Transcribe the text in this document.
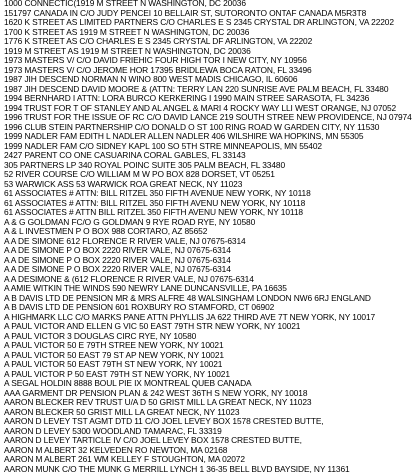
1000 CONNECTIC(1919 M STREET N WASHINGTON, DC 20036
151797 CANADA IN C/O JUDY PENCEI 10 BELLAIR ST, SUTORONTO ONTAF CANADA M5R3T8
1620 K STREET AS LIMITED PARTNERS C/O CHARLES E S 2345 CRYSTAL DR ARLINGTON, VA 22202
1700 K STREET AS 1919 M STREET N WASHINGTON, DC 20036
1776 K STREET AS C/O CHARLES E S 2345 CRYSTAL DF ARLINGTON, VA 22202
1919 M STREET AS 1919 M STREET N WASHINGTON, DC 20036
1973 MASTERS V/ C/O DAVID FRIEHIC FOUR HIGH TOR I NEW CITY, NY 10956
1973 MASTERS V/ C/O JEROME HOR 17395 BRIDLEWA BOCA RATON, FL 33496
1987 JIH DESCEND NORMAN N WINO 800 WEST MADIS CHICAGO, IL 60606
1987 JIH DESCEND DAVID MOORE & (ATTN: TERRY LAN 220 SUNRISE AVE PALM BEACH, FL 33480
1994 BERNHARD I ATTN: LORA BURCO KERKERING I 1990 MAIN STREE SARASOTA, FL 34236
1994 TRUST FOR T OF STANLEY AND AL ANGEL & MARI 4 ROCKY WAY LLI WEST ORANGE, NJ 07052
1996 TRUST FOR THE ISSUE OF RC C/O DAVID LANCE 219 SOUTH STREE NEW PROVIDENCE, NJ 07974
1996 CLUB STEIN PARTNERSHIP C/O DONALD O ST 100 RING ROAD W GARDEN CITY, NY 11530
1999 NADLER FAM EDITH L NADLER ALLEN NADLER 406 WILSHIRE WA HOPKINS, MN 55305
1999 NADLER FAM C/O SIDNEY KAPL 100 SO 5TH STRE MINNEAPOLIS, MN 55402
2427 PARENT CO ONE CASUARINA CORAL GABLES, FL 33143
305 PARTNERS LP 340 ROYAL POINC SUITE 305 PALM BEACH, FL 33480
52 RIVER COURSE C/O WILLIAM M W PO BOX 828 DORSET, VT 05251
53 WARWICK ASS 53 WARWICK ROA GREAT NECK, NY 11023
61 ASSOCIATES # ATTN: BILL RITZEL 350 FIFTH AVENUE NEW YORK, NY 10118
61 ASSOCIATES # ATTN: BILL RITZEL 350 FIFTH AVENU NEW YORK, NY 10118
61 ASSOCIATES # ATTN BILL RITZEL 350 FIFTH AVENU NEW YORK, NY 10118
A & G GOLDMAN FC/O G GOLDMAN 9 RYE ROAD RYE, NY 10580
A & L INVESTMEN P O BOX 988 CORTARO, AZ 85652
A A DE SIMONE 612 FLORENCE R RIVER VALE, NJ 07675-6314
A A DE SIMONE P O BOX 2220 RIVER VALE, NJ 07675-6314
A A DE SIMONE P O BOX 2220 RIVER VALE, NJ 07675-6314
A A DE SIMONE P O BOX 2220 RIVER VALE, NJ 07675-6314
A A DESIMONE & (612 FLORENCE R RIVER VALE, NJ 07675-6314
A AMIE WITKIN THE WINDS 590 NEWRY LANE DUNCANSVILLE, PA 16635
A B DAVIS LTD DE PENSION MR & MRS ALFRE 48 WALSINGHAM LONDON NW6 6RJ ENGLAND
A B DAVIS LTD DE PENSION 601 ROXBURY RO STAMFORD, CT 06902
A HIGHMARK LLC C/O MARKS PANE ATTN PHYLLIS JA 622 THIRD AVE 7T NEW YORK, NY 10017
A PAUL VICTOR AND ELLEN G VIC 50 EAST 79TH STR NEW YORK, NY 10021
A PAUL VICTOR 3 DOUGLAS CIRC RYE, NY 10580
A PAUL VICTOR 50 E 79TH STREE NEW YORK, NY 10021
A PAUL VICTOR 50 EAST 79 ST AP NEW YORK, NY 10021
A PAUL VICTOR 50 EAST 79TH ST NEW YORK, NY 10021
A PAUL VICTOR P 50 EAST 79TH ST NEW YORK, NY 10021
A SEGAL HOLDIN 8888 BOUL PIE IX MONTREAL QUEB CANADA
AAA GARMENT DR PENSION PLAN & 242 WEST 36TH S NEW YORK, NY 10018
AARON BLECKER REV TRUST U/A D 50 GRIST MILL LA GREAT NECK, NY 11023
AARON BLECKER 50 GRIST MILL LA GREAT NECK, NY 11023
AARON D LEVEY TST AGMT DTD 11 C/O JOEL LEVEY BOX 1578 CRESTED BUTTE,
AARON D LEVEY 5300 WOODLAND TAMARAC, FL 33319
AARON D LEVEY TARTICLE IV C/O JOEL LEVEY BOX 1578 CRESTED BUTTE,
AARON M ALBERT 32 KELVEDEN RO NEWTON, MA 02168
AARON M ALBERT 261 WM KELLEY F STOUGHTON, MA 02072
AARON MUNK C/O THE MUNK G MERRILL LYNCH 1 36-35 BELL BLVD BAYSIDE, NY 11361
